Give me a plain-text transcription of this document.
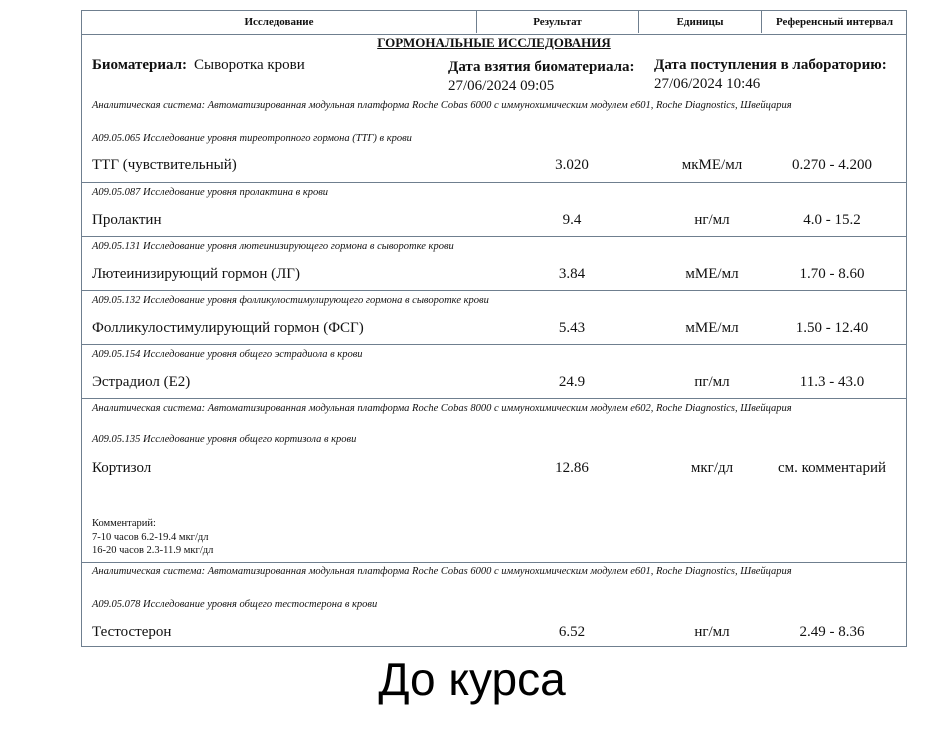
Исследование	Результат	Единицы	Референсный интервал
ГОРМОНАЛЬНЫЕ ИССЛЕДОВАНИЯ
Биоматериал: Сыворотка крови	Дата взятия биоматериала:
27/06/2024 09:05
Дата поступления в лабораторию:
27/06/2024 10:46
Аналитическая система: Автоматизированная модульная платформа Roche Cobas 6000 с иммунохимическим модулем e601, Roche Diagnostics, Швейцария
A09.05.065 Исследование уровня тиреотропного гормона (ТТГ) в крови
ТТГ (чувствительный)	3.020	мкМЕ/мл	0.270 - 4.200
A09.05.087 Исследование уровня пролактина в крови
Пролактин	9.4	нг/мл	4.0 - 15.2
A09.05.131 Исследование уровня лютеинизирующего гормона в сыворотке крови
Лютеинизирующий гормон (ЛГ)	3.84	мМЕ/мл	1.70 - 8.60
A09.05.132 Исследование уровня фолликулостимулирующего гормона в сыворотке крови
Фолликулостимулирующий гормон (ФСГ)	5.43	мМЕ/мл	1.50 - 12.40
A09.05.154 Исследование уровня общего эстрадиола в крови
Эстрадиол (E2)	24.9	пг/мл	11.3 - 43.0
Аналитическая система: Автоматизированная модульная платформа Roche Cobas 8000 с иммунохимическим модулем e602, Roche Diagnostics, Швейцария
A09.05.135 Исследование уровня общего кортизола в крови
Кортизол	12.86	мкг/дл	см. комментарий
Комментарий:
7-10 часов 6.2-19.4 мкг/дл
16-20 часов 2.3-11.9 мкг/дл
Аналитическая система: Автоматизированная модульная платформа Roche Cobas 6000 с иммунохимическим модулем e601, Roche Diagnostics, Швейцария
A09.05.078 Исследование уровня общего тестостерона в крови
Тестостерон	6.52	нг/мл	2.49 - 8.36
До курса
